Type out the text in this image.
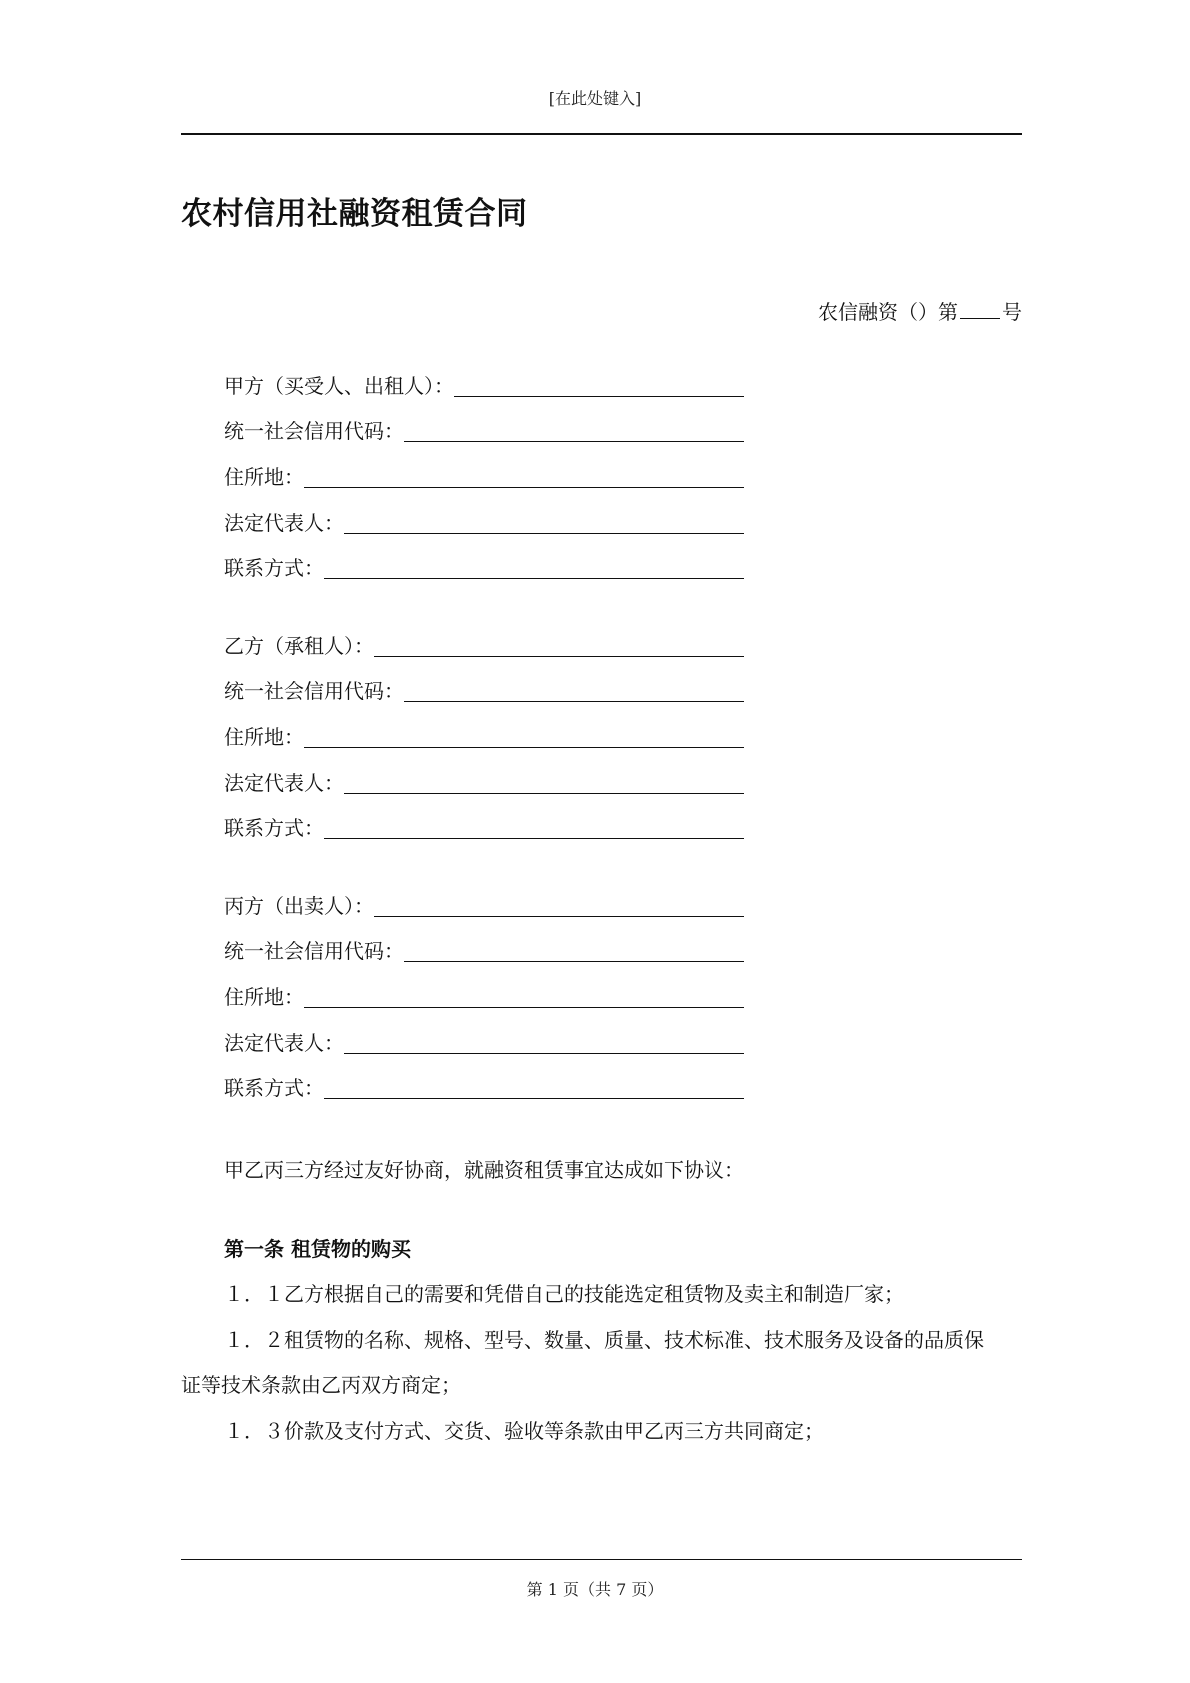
[在此处键入]
农村信用社融资租赁合同
农信融资（）第 号
甲方（买受人、出租人）：
统一社会信用代码：
住所地：
法定代表人：
联系方式：
乙方（承租人）：
统一社会信用代码：
住所地：
法定代表人：
联系方式：
丙方（出卖人）：
统一社会信用代码：
住所地：
法定代表人：
联系方式：
甲乙丙三方经过友好协商，就融资租赁事宜达成如下协议：
第一条 租赁物的购买
１．１乙方根据自己的需要和凭借自己的技能选定租赁物及卖主和制造厂家；
１．２租赁物的名称、规格、型号、数量、质量、技术标准、技术服务及设备的品质保
证等技术条款由乙丙双方商定；
１．３价款及支付方式、交货、验收等条款由甲乙丙三方共同商定；
第 1 页（共 7 页）
